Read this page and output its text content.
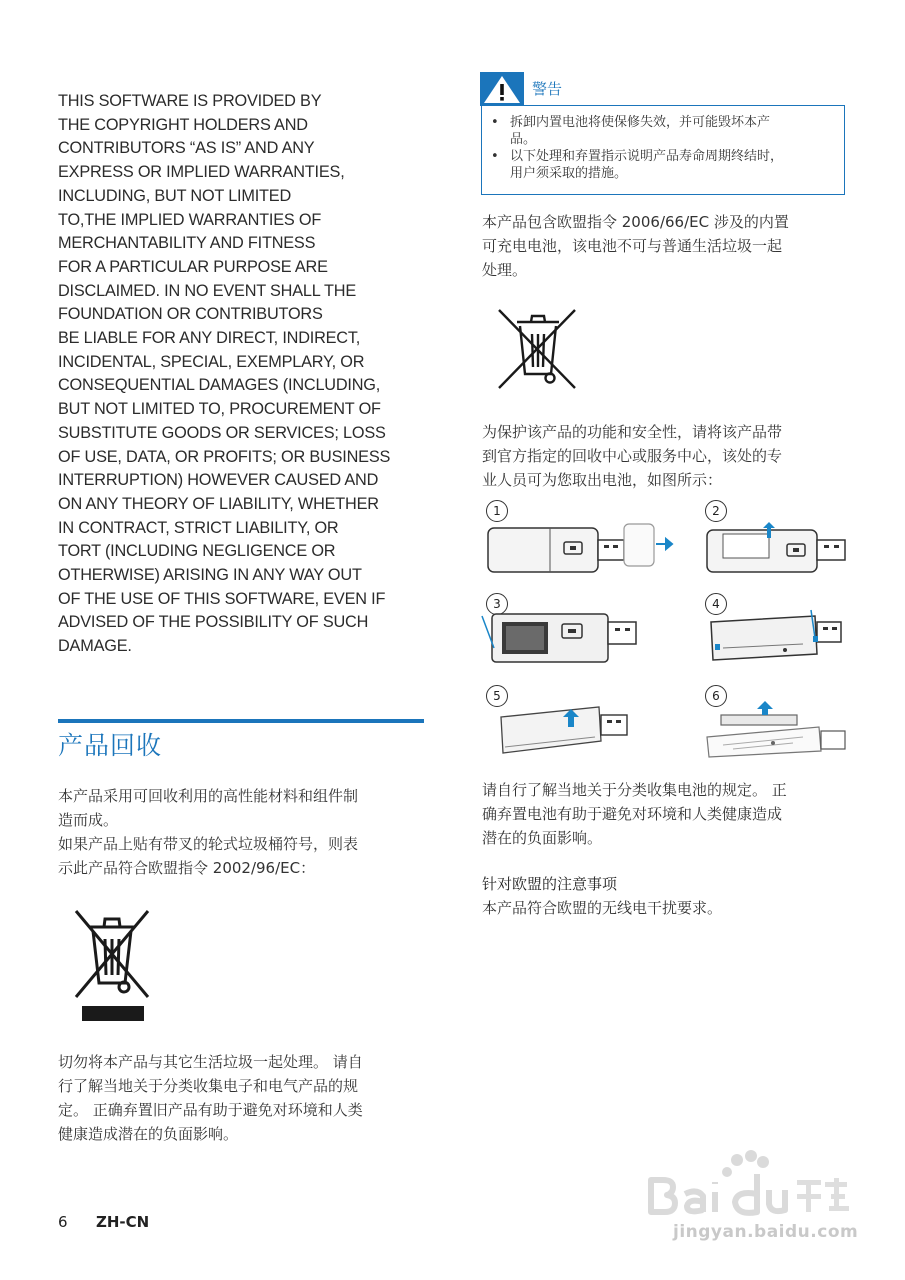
THIS SOFTWARE IS PROVIDED BY
THE COPYRIGHT HOLDERS AND
CONTRIBUTORS “AS IS” AND ANY
EXPRESS OR IMPLIED WARRANTIES,
INCLUDING, BUT NOT LIMITED
TO,THE IMPLIED WARRANTIES OF
MERCHANTABILITY AND FITNESS
FOR A PARTICULAR PURPOSE ARE
DISCLAIMED. IN NO EVENT SHALL THE
FOUNDATION OR CONTRIBUTORS
BE LIABLE FOR ANY DIRECT, INDIRECT,
INCIDENTAL, SPECIAL, EXEMPLARY, OR
CONSEQUENTIAL DAMAGES (INCLUDING,
BUT NOT LIMITED TO, PROCUREMENT OF
SUBSTITUTE GOODS OR SERVICES; LOSS
OF USE, DATA, OR PROFITS; OR BUSINESS
INTERRUPTION) HOWEVER CAUSED AND
ON ANY THEORY OF LIABILITY, WHETHER
IN CONTRACT, STRICT LIABILITY, OR
TORT (INCLUDING NEGLIGENCE OR
OTHERWISE) ARISING IN ANY WAY OUT
OF THE USE OF THIS SOFTWARE, EVEN IF
ADVISED OF THE POSSIBILITY OF SUCH
DAMAGE.
产品回收
本产品采用可回收利用的高性能材料和组件制
造而成。
如果产品上贴有带叉的轮式垃圾桶符号，则表
示此产品符合欧盟指令 2002/96/EC：
切勿将本产品与其它生活垃圾一起处理。 请自
行了解当地关于分类收集电子和电气产品的规
定。 正确弃置旧产品有助于避免对环境和人类
健康造成潜在的负面影响。
6 ZH-CN
警告
• 拆卸内置电池将使保修失效，并可能毁坏本产
品。
• 以下处理和弃置指示说明产品寿命周期终结时，
用户须采取的措施。
本产品包含欧盟指令 2006/66/EC 涉及的内置
可充电电池，该电池不可与普通生活垃圾一起
处理。
为保护该产品的功能和安全性，请将该产品带
到官方指定的回收中心或服务中心，该处的专
业人员可为您取出电池，如图所示：
1	2
3	4
5	6
请自行了解当地关于分类收集电池的规定。 正
确弃置电池有助于避免对环境和人类健康造成
潜在的负面影响。
针对欧盟的注意事项
本产品符合欧盟的无线电干扰要求。
jingyan.baidu.com
